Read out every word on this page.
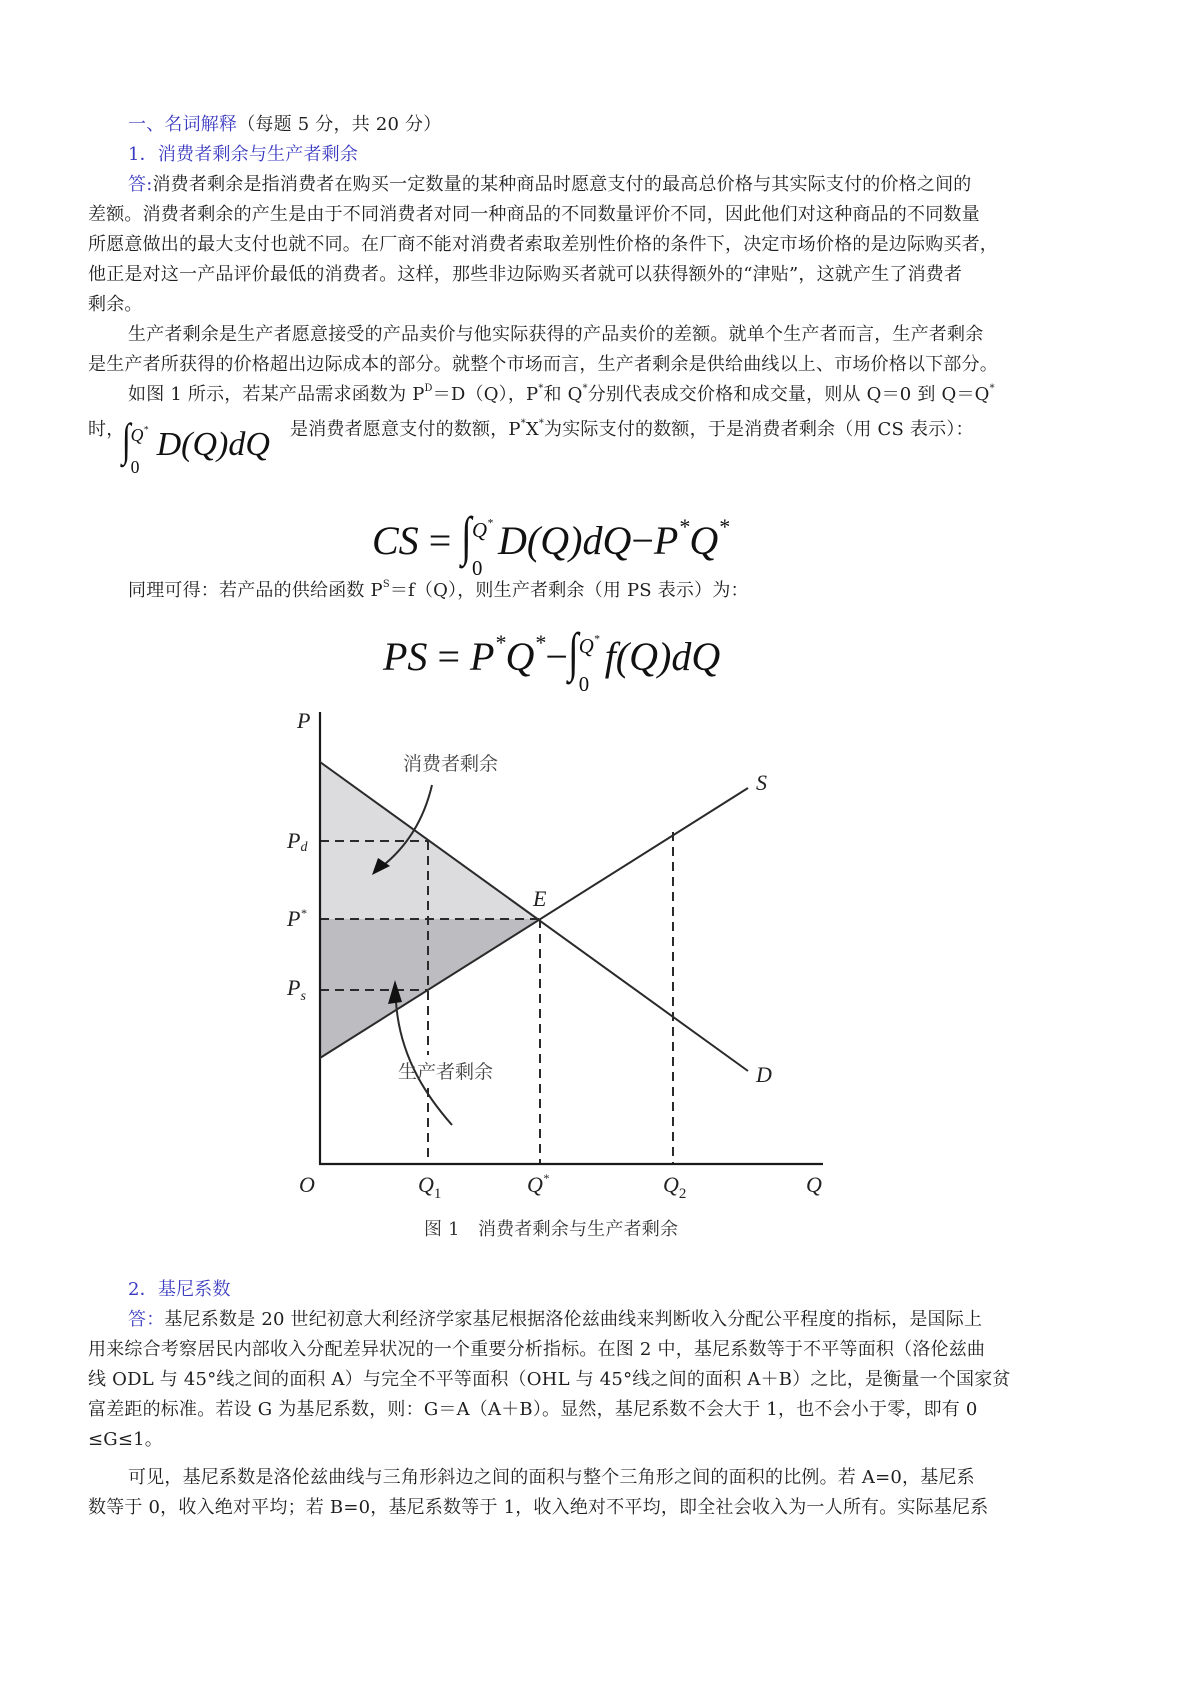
一、名词解释（每题 5 分，共 20 分）
1．消费者剩余与生产者剩余
答:消费者剩余是指消费者在购买一定数量的某种商品时愿意支付的最高总价格与其实际支付的价格之间的
差额。消费者剩余的产生是由于不同消费者对同一种商品的不同数量评价不同，因此他们对这种商品的不同数量
所愿意做出的最大支付也就不同。在厂商不能对消费者索取差别性价格的条件下，决定市场价格的是边际购买者，
他正是对这一产品评价最低的消费者。这样，那些非边际购买者就可以获得额外的“津贴”，这就产生了消费者
剩余。
生产者剩余是生产者愿意接受的产品卖价与他实际获得的产品卖价的差额。就单个生产者而言，生产者剩余
是生产者所获得的价格超出边际成本的部分。就整个市场而言，生产者剩余是供给曲线以上、市场价格以下部分。
如图 1 所示，若某产品需求函数为 $P^D=D(Q)$，P*和 Q*分别代表成交价格和成交量，则从 Q＝0 到 Q＝Q*
时，
∫ Q*
0
D(Q)dQ 是消费者愿意支付的数额，P*X*为实际支付的数额，于是消费者剩余（用 CS 表示）：
CS = ∫ Q*
0
D(Q)dQ−P*Q*
同理可得：若产品的供给函数 $P^S=f(Q)$，则生产者剩余（用 PS 表示）为：
PS = P*Q*−∫ Q*
0
f(Q)dQ
P
Q
O
Pd
P*
$P_s$
$Q_1$	Q*	$Q_2$
S
D
E
消费者剩余
生产者剩余
图 1　消费者剩余与生产者剩余
2．基尼系数
答：基尼系数是 20 世纪初意大利经济学家基尼根据洛伦兹曲线来判断收入分配公平程度的指标，是国际上
用来综合考察居民内部收入分配差异状况的一个重要分析指标。在图 2 中，基尼系数等于不平等面积（洛伦兹曲
线 ODL 与 45°线之间的面积 A）与完全不平等面积（OHL 与 45°线之间的面积 A＋B）之比，是衡量一个国家贫
富差距的标准。若设 G 为基尼系数，则：G＝A（A＋B）。显然，基尼系数不会大于 1，也不会小于零，即有 0
≤G≤1。
可见，基尼系数是洛伦兹曲线与三角形斜边之间的面积与整个三角形之间的面积的比例。若 A=0，基尼系
数等于 0，收入绝对平均；若 B=0，基尼系数等于 1，收入绝对不平均，即全社会收入为一人所有。实际基尼系
